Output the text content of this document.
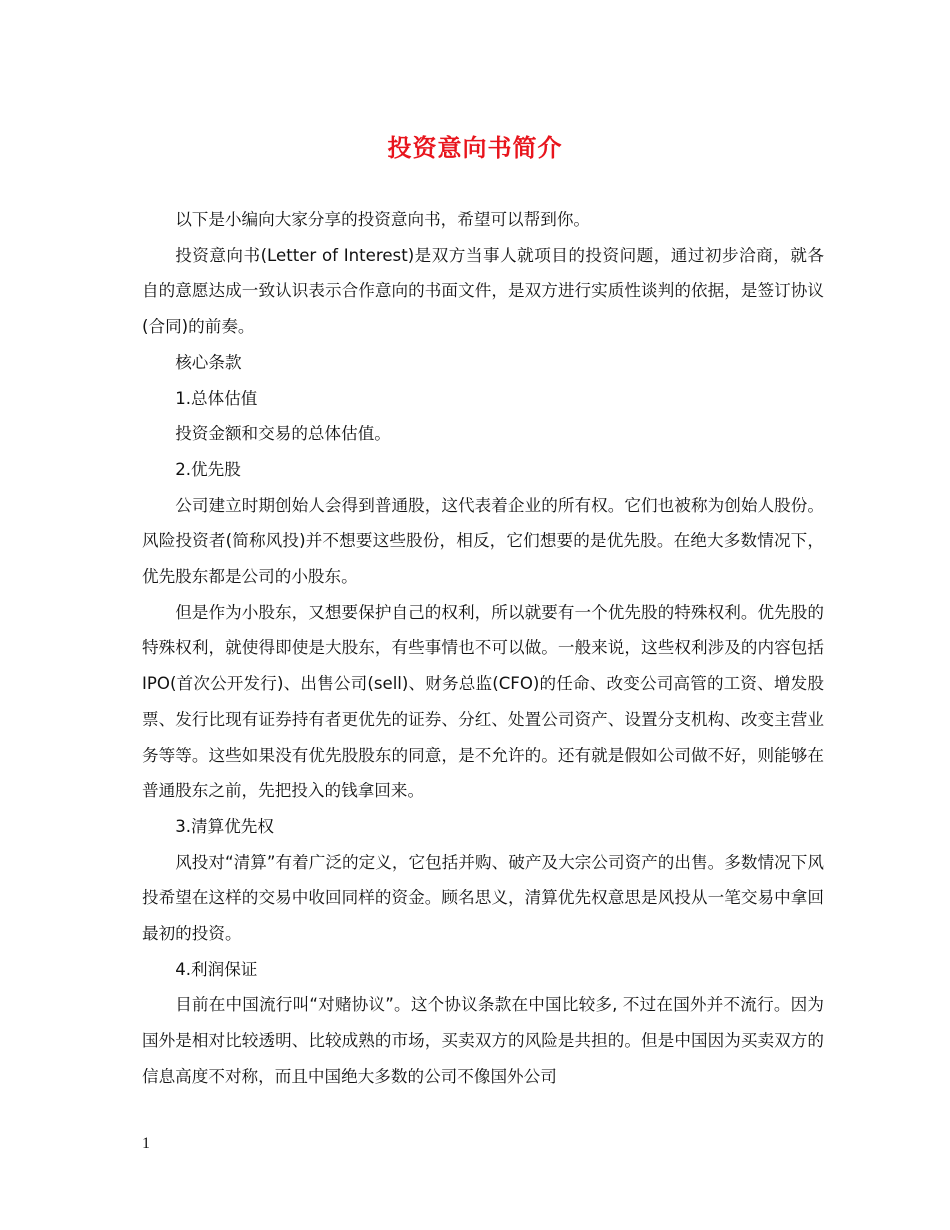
投资意向书简介

以下是小编向大家分享的投资意向书，希望可以帮到你。

投资意向书(Letter of Interest)是双方当事人就项目的投资问题，通过初步洽商，就各自的意愿达成一致认识表示合作意向的书面文件，是双方进行实质性谈判的依据，是签订协议(合同)的前奏。

核心条款

1.总体估值

投资金额和交易的总体估值。

2.优先股

公司建立时期创始人会得到普通股，这代表着企业的所有权。它们也被称为创始人股份。风险投资者(简称风投)并不想要这些股份，相反，它们想要的是优先股。在绝大多数情况下，优先股东都是公司的小股东。

但是作为小股东，又想要保护自己的权利，所以就要有一个优先股的特殊权利。优先股的特殊权利，就使得即使是大股东，有些事情也不可以做。一般来说，这些权利涉及的内容包括IPO(首次公开发行)、出售公司(sell)、财务总监(CFO)的任命、改变公司高管的工资、增发股票、发行比现有证券持有者更优先的证券、分红、处置公司资产、设置分支机构、改变主营业务等等。这些如果没有优先股股东的同意，是不允许的。还有就是假如公司做不好，则能够在普通股东之前，先把投入的钱拿回来。

3.清算优先权

风投对“清算”有着广泛的定义，它包括并购、破产及大宗公司资产的出售。多数情况下风投希望在这样的交易中收回同样的资金。顾名思义，清算优先权意思是风投从一笔交易中拿回最初的投资。

4.利润保证

目前在中国流行叫“对赌协议”。这个协议条款在中国比较多, 不过在国外并不流行。因为国外是相对比较透明、比较成熟的市场，买卖双方的风险是共担的。但是中国因为买卖双方的信息高度不对称，而且中国绝大多数的公司不像国外公司

1
